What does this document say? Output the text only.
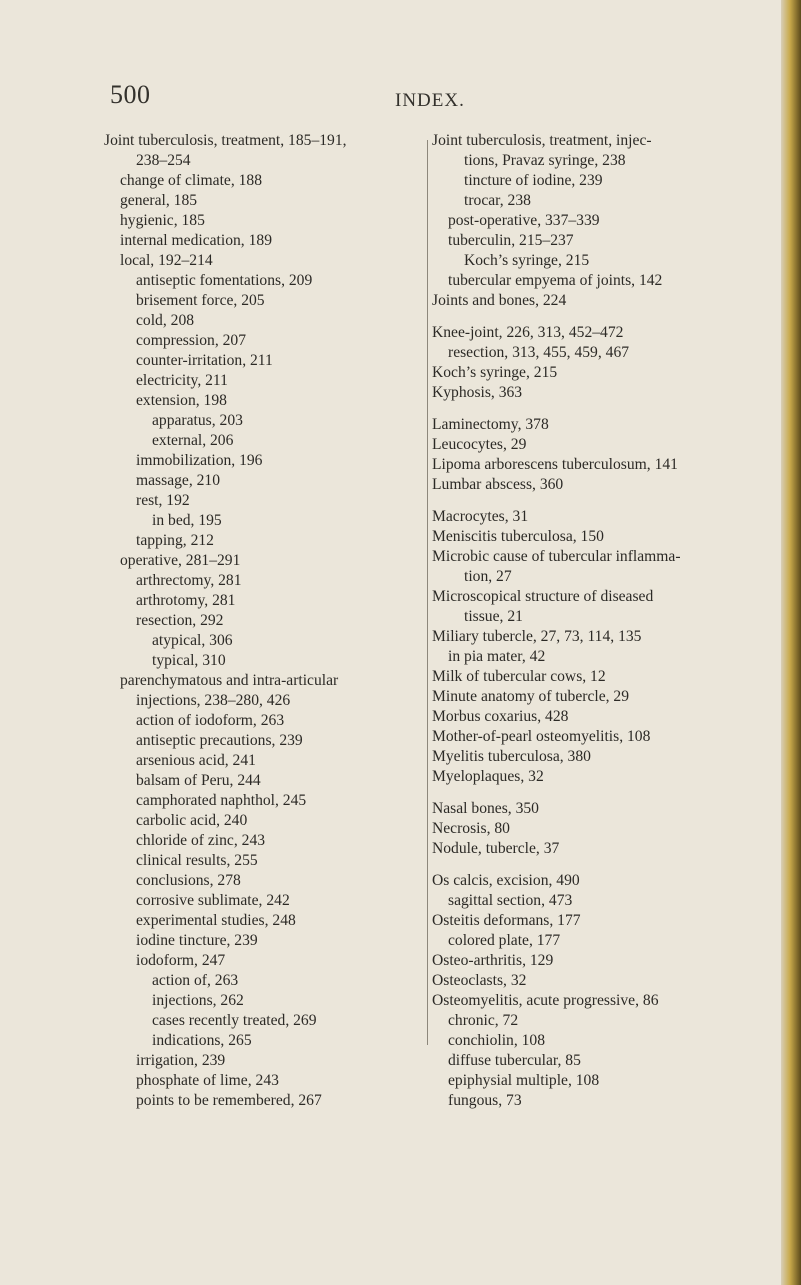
500	INDEX.
Joint tuberculosis, treatment, 185–191,
238–254
change of climate, 188
general, 185
hygienic, 185
internal medication, 189
local, 192–214
antiseptic fomentations, 209
brisement force, 205
cold, 208
compression, 207
counter-irritation, 211
electricity, 211
extension, 198
apparatus, 203
external, 206
immobilization, 196
massage, 210
rest, 192
in bed, 195
tapping, 212
operative, 281–291
arthrectomy, 281
arthrotomy, 281
resection, 292
atypical, 306
typical, 310
parenchymatous and intra-articular
injections, 238–280, 426
action of iodoform, 263
antiseptic precautions, 239
arsenious acid, 241
balsam of Peru, 244
camphorated naphthol, 245
carbolic acid, 240
chloride of zinc, 243
clinical results, 255
conclusions, 278
corrosive sublimate, 242
experimental studies, 248
iodine tincture, 239
iodoform, 247
action of, 263
injections, 262
cases recently treated, 269
indications, 265
irrigation, 239
phosphate of lime, 243
points to be remembered, 267
Joint tuberculosis, treatment, injec-
tions, Pravaz syringe, 238
tincture of iodine, 239
trocar, 238
post-operative, 337–339
tuberculin, 215–237
Koch’s syringe, 215
tubercular empyema of joints, 142
Joints and bones, 224
Knee-joint, 226, 313, 452–472
resection, 313, 455, 459, 467
Koch’s syringe, 215
Kyphosis, 363
Laminectomy, 378
Leucocytes, 29
Lipoma arborescens tuberculosum, 141
Lumbar abscess, 360
Macrocytes, 31
Meniscitis tuberculosa, 150
Microbic cause of tubercular inflamma-
tion, 27
Microscopical structure of diseased
tissue, 21
Miliary tubercle, 27, 73, 114, 135
in pia mater, 42
Milk of tubercular cows, 12
Minute anatomy of tubercle, 29
Morbus coxarius, 428
Mother-of-pearl osteomyelitis, 108
Myelitis tuberculosa, 380
Myeloplaques, 32
Nasal bones, 350
Necrosis, 80
Nodule, tubercle, 37
Os calcis, excision, 490
sagittal section, 473
Osteitis deformans, 177
colored plate, 177
Osteo-arthritis, 129
Osteoclasts, 32
Osteomyelitis, acute progressive, 86
chronic, 72
conchiolin, 108
diffuse tubercular, 85
epiphysial multiple, 108
fungous, 73
